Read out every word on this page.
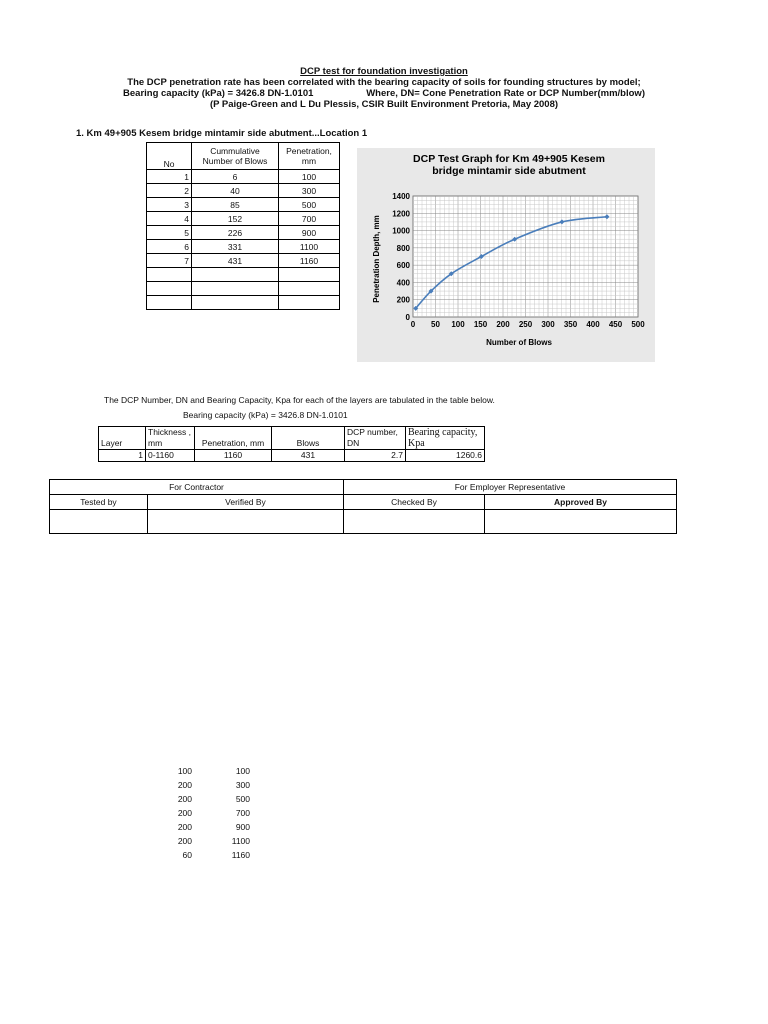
DCP test for foundation investigation
The DCP penetration rate has been correlated with the bearing capacity of soils for founding structures by model;
Bearing capacity (kPa) = 3426.8 DN-1.0101	Where, DN= Cone Penetration Rate or DCP Number(mm/blow)
(P Paige-Green and L Du Plessis, CSIR Built Environment Pretoria, May 2008)
1. Km 49+905 Kesem bridge mintamir side abutment...Location 1
No	Cummulative Number of Blows	Penetration, mm
1	6	100
2	40	300
3	85	500
4	152	700
5	226	900
6	331	1100
7	431	1160

DCP Test Graph for Km 49+905 Kesem
bridge mintamir side abutment
0 50 100 150 200 250 300 350 400 450 500
0
200
400
600
800
1000
1200
1400
Number of Blows
Penetration Depth, mm
The DCP Number, DN and Bearing Capacity, Kpa for each of the layers are tabulated in the table below.
Bearing capacity (kPa) = 3426.8 DN-1.0101
Layer	Thickness , mm	Penetration, mm	Blows	DCP number, DN	Bearing capacity, Kpa
1	0-1160	1160	431	2.7	1260.6
For Contractor		For Employer Representative	
Tested by	Verified By	Checked By	Approved By

100	100
200	300
200	500
200	700
200	900
200	1100
60	1160
